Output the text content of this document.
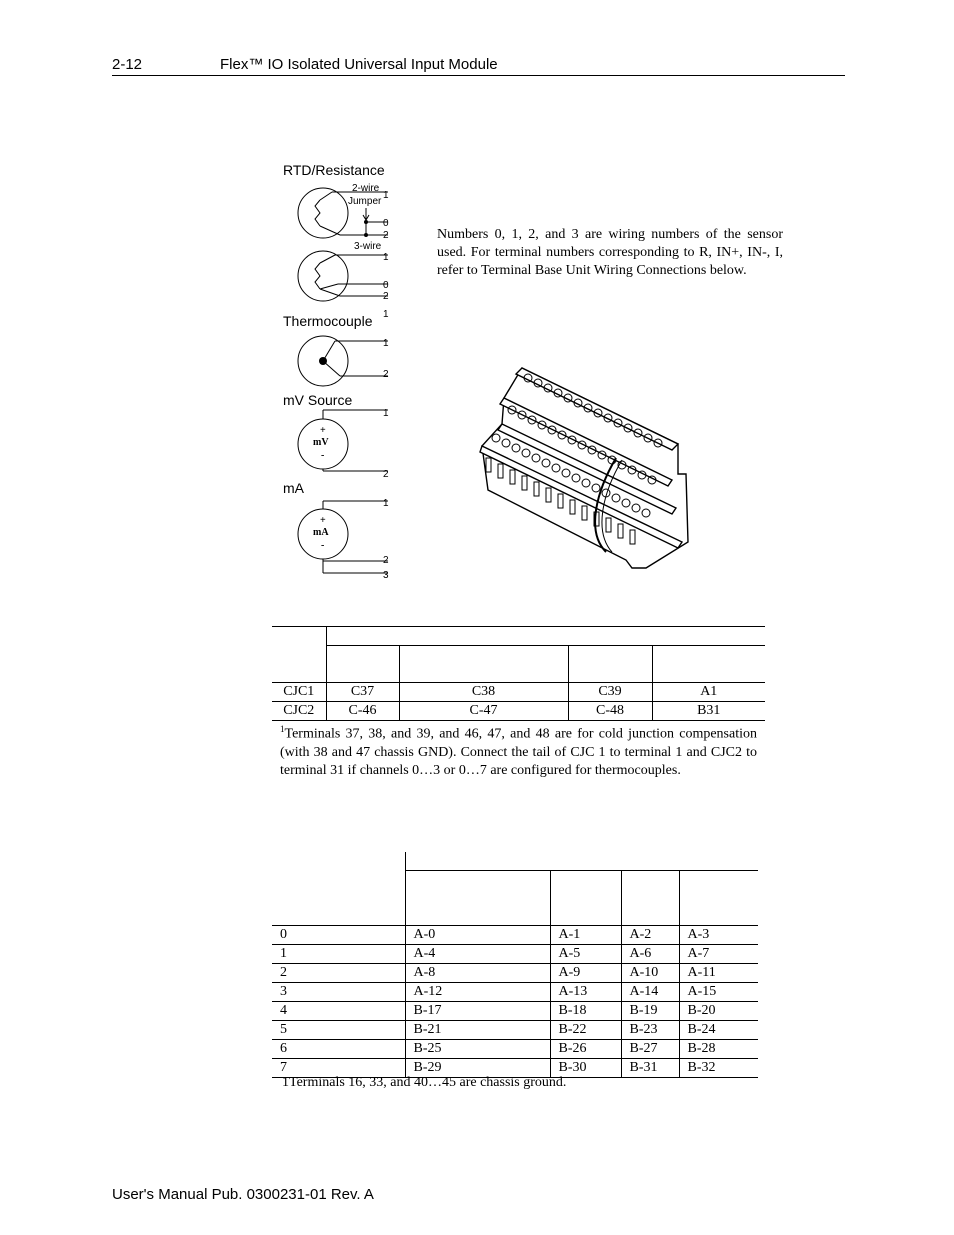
2-12	Flex™ IO Isolated Universal Input Module
RTD/Resistance
2-wire
Jumper
1
0
2
3-wire
1
0
2
Thermocouple 1
1
2
mV Source
1
2
+
mV
-
mA
1
2
3
+
mA
-
Numbers 0, 1, 2, and 3 are wiring numbers of the sensor used. For terminal numbers corresponding to R, IN+, IN-, I, refer to Terminal Base Unit Wiring Connections below.

CJC1	C37	C38	C39	A1
CJC2	C-46	C-47	C-48	B31
$^1$Terminals 37, 38, and 39, and 46, 47, and 48 are for cold junction compensation (with 38 and 47 chassis GND). Connect the tail of CJC 1 to terminal 1 and CJC2 to terminal 31 if channels 0…3 or 0…7 are configured for thermocouples.

0	A-0	A-1	A-2	A-3
1	A-4	A-5	A-6	A-7
2	A-8	A-9	A-10	A-11
3	A-12	A-13	A-14	A-15
4	B-17	B-18	B-19	B-20
5	B-21	B-22	B-23	B-24
6	B-25	B-26	B-27	B-28
7	B-29	B-30	B-31	B-32
1Terminals 16, 33, and 40…45 are chassis ground.
User's Manual Pub. 0300231-01 Rev. A
